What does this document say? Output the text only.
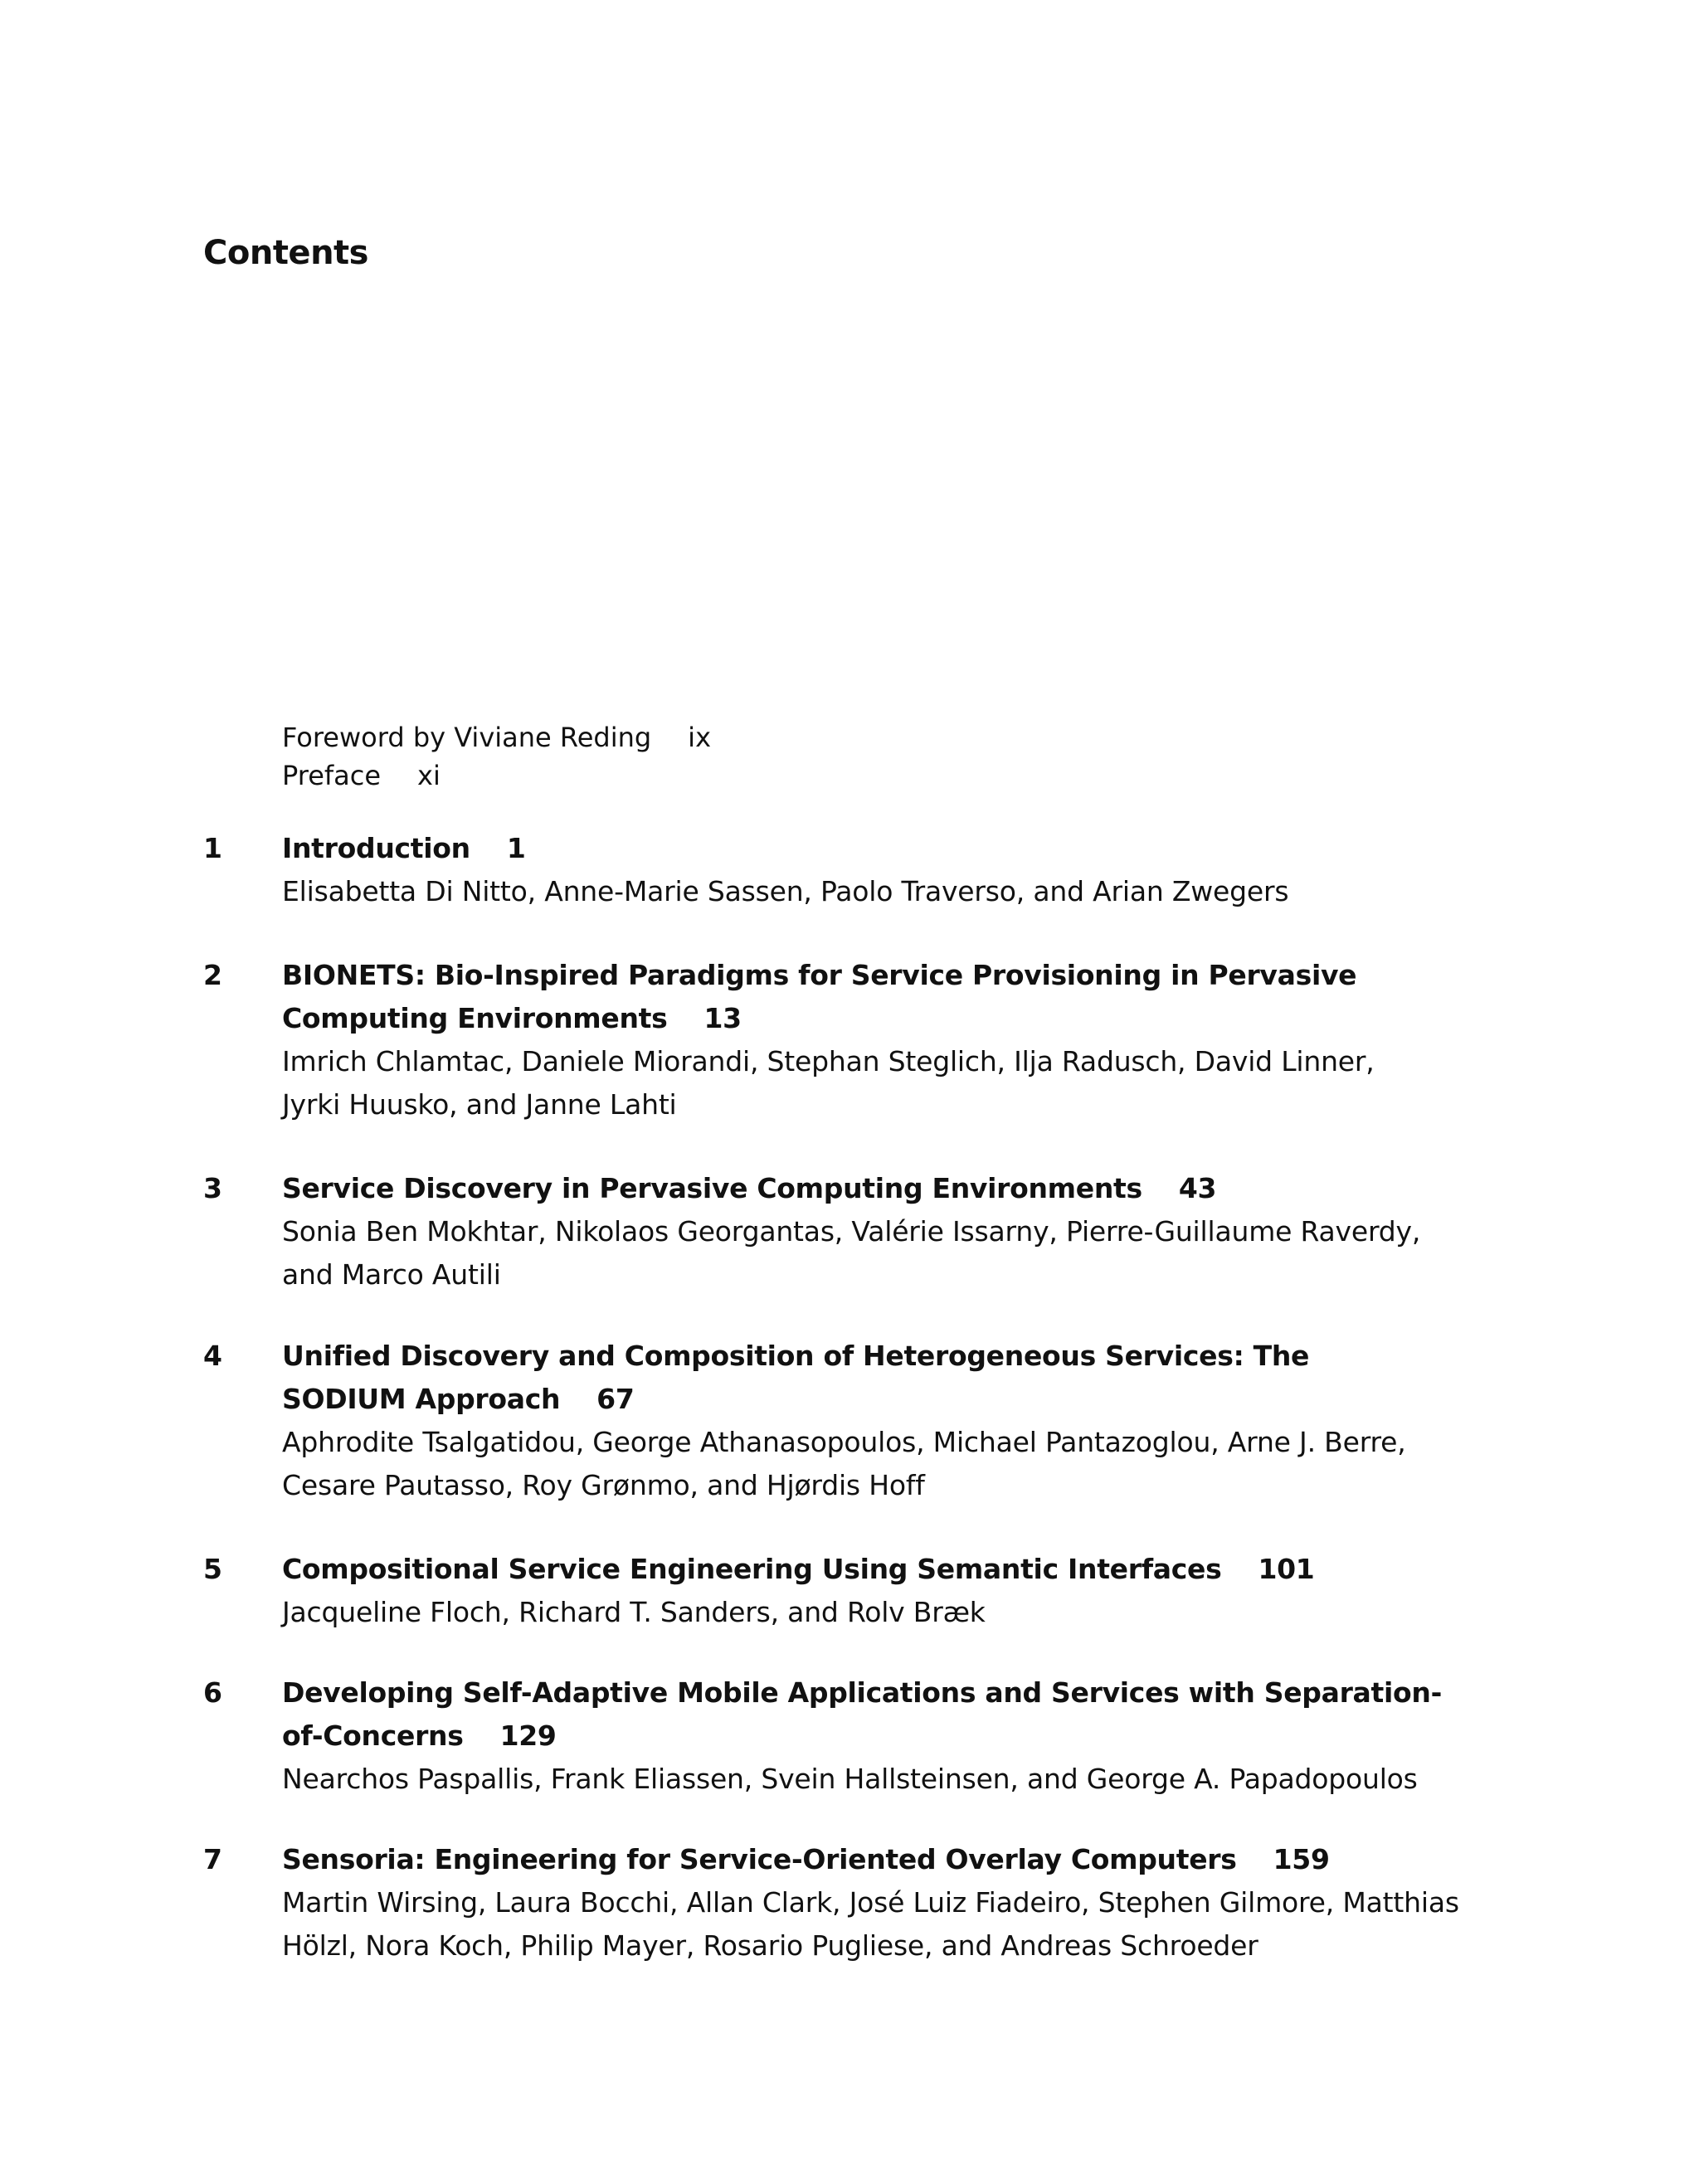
Contents
Foreword by Viviane Reding ix
Preface xi
1 Introduction 1
Elisabetta Di Nitto, Anne-Marie Sassen, Paolo Traverso, and Arian Zwegers
2 BIONETS: Bio-Inspired Paradigms for Service Provisioning in Pervasive Computing Environments 13
Imrich Chlamtac, Daniele Miorandi, Stephan Steglich, Ilja Radusch, David Linner, Jyrki Huusko, and Janne Lahti
3 Service Discovery in Pervasive Computing Environments 43
Sonia Ben Mokhtar, Nikolaos Georgantas, Valérie Issarny, Pierre-Guillaume Raverdy, and Marco Autili
4 Unified Discovery and Composition of Heterogeneous Services: The SODIUM Approach 67
Aphrodite Tsalgatidou, George Athanasopoulos, Michael Pantazoglou, Arne J. Berre, Cesare Pautasso, Roy Grønmo, and Hjørdis Hoff
5 Compositional Service Engineering Using Semantic Interfaces 101
Jacqueline Floch, Richard T. Sanders, and Rolv Bræk
6 Developing Self-Adaptive Mobile Applications and Services with Separation-of-Concerns 129
Nearchos Paspallis, Frank Eliassen, Svein Hallsteinsen, and George A. Papadopoulos
7 Sensoria: Engineering for Service-Oriented Overlay Computers 159
Martin Wirsing, Laura Bocchi, Allan Clark, José Luiz Fiadeiro, Stephen Gilmore, Matthias Hölzl, Nora Koch, Philip Mayer, Rosario Pugliese, and Andreas Schroeder
